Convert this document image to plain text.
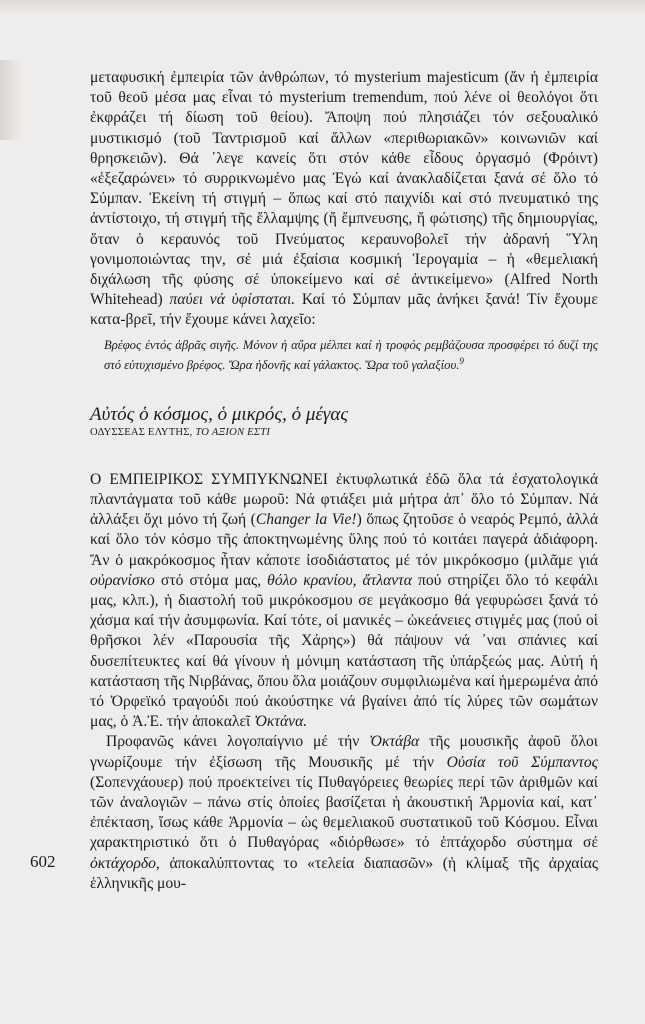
μεταφυσική ἐμπειρία τῶν ἀνθρώπων, τό mysterium majesticum (ἄν ἡ ἐμπειρία τοῦ θεοῦ μέσα μας εἶναι τό mysterium tremendum, πού λένε οἱ θεολόγοι ὅτι ἐκφράζει τή δίωση τοῦ θείου). Ἄποψη πού πλησιάζει τόν σεξουαλικό μυστικισμό (τοῦ Ταντρισμοῦ καί ἄλλων «περιθωριακῶν» κοινωνιῶν καί θρησκειῶν). Θά ᾽λεγε κανείς ὅτι στόν κάθε εἶδους ὀργασμό (Φρόιντ) «ἐξεζαρώνει» τό συρρικνωμένο μας Ἐγώ καί ἀνακλαδίζεται ξανά σέ ὅλο τό Σύμπαν. Ἐκείνη τή στιγμή – ὅπως καί στό παιχνίδι καί στό πνευματικό της ἀντίστοιχο, τή στιγμή τῆς ἔλλαμψης (ἤ ἔμπνευσης, ἤ φώτισης) τῆς δημιουργίας, ὅταν ὁ κεραυνός τοῦ Πνεύματος κεραυνοβολεῖ τήν ἀδρανή Ὕλη γονιμοποιώντας την, σέ μιά ἐξαίσια κοσμική Ἱερογαμία – ἡ «θεμελιακή διχάλωση τῆς φύσης σέ ὑποκείμενο καί σέ ἀντικείμενο» (Alfred North Whitehead) παύει νά ὑφίσταται. Καί τό Σύμπαν μᾶς ἀνήκει ξανά! Τίν ἔχουμε κατα-βρεῖ, τήν ἔχουμε κάνει λαχεῖο:

Βρέφος ἐντός ἀβρᾶς σιγῆς. Μόνον ἡ αὔρα μέλπει καί ἡ τροφός ρεμβάζουσα προσφέρει τό δυζί της στό εὐτυχισμένο βρέφος. Ὥρα ἡδονῆς καί γάλακτος. Ὥρα τοῦ γαλαξίου.$^9$

Αὐτός ὁ κόσμος, ὁ μικρός, ὁ μέγας

ΟΔΥΣΣΕΑΣ ΕΛΥΤΗΣ, ΤΟ ΑΞΙΟΝ ΕΣΤΙ

Ο ΕΜΠΕΙΡΙΚΟΣ ΣΥΜΠΥΚΝΩΝΕΙ ἐκτυφλωτικά ἐδῶ ὅλα τά ἐσχατολογικά πλαντάγματα τοῦ κάθε μωροῦ: Νά φτιάξει μιά μήτρα ἀπ᾽ ὅλο τό Σύμπαν. Νά ἀλλάξει ὄχι μόνο τή ζωή (Changer la Vie!) ὅπως ζητοῦσε ὁ νεαρός Ρεμπό, ἀλλά καί ὅλο τόν κόσμο τῆς ἀποκτηνωμένης ὕλης πού τό κοιτάει παγερά ἀδιάφορη. Ἄν ὁ μακρόκοσμος ἦταν κάποτε ἰσοδιάστατος μέ τόν μικρόκοσμο (μιλᾶμε γιά οὐρανίσκο στό στόμα μας, θόλο κρανίου, ἄτλαντα πού στηρίζει ὅλο τό κεφάλι μας, κλπ.), ἡ διαστολή τοῦ μικρόκοσμου σε μεγάκοσμο θά γεφυρώσει ξανά τό χάσμα καί τήν ἀσυμφωνία. Καί τότε, οἱ μανικές – ὠκεάνειες στιγμές μας (πού οἱ θρῆσκοι λέν «Παρουσία τῆς Χάρης») θά πάψουν νά ᾽ναι σπάνιες καί δυσεπίτευκτες καί θά γίνουν ἡ μόνιμη κατάσταση τῆς ὑπάρξεώς μας. Αὐτή ἡ κατάσταση τῆς Νιρβάνας, ὅπου ὅλα μοιάζουν συμφιλιωμένα καί ἡμερωμένα ἀπό τό Ὀρφεϊκό τραγούδι πού ἀκούστηκε νά βγαίνει ἀπό τίς λύρες τῶν σωμάτων μας, ὁ Ἀ.Ἐ. τήν ἀποκαλεῖ Ὀκτάνα.

Προφανῶς κάνει λογοπαίγνιο μέ τήν Ὀκτάβα τῆς μουσικῆς ἀφοῦ ὅλοι γνωρίζουμε τήν ἐξίσωση τῆς Μουσικῆς μέ τήν Οὐσία τοῦ Σύμπαντος (Σοπενχάουερ) πού προεκτείνει τίς Πυθαγόρειες θεωρίες περί τῶν ἀριθμῶν καί τῶν ἀναλογιῶν – πάνω στίς ὁποίες βασίζεται ἡ ἀκουστική Ἁρμονία καί, κατ᾽ ἐπέκταση, ἴσως κάθε Ἁρμονία – ὡς θεμελιακοῦ συστατικοῦ τοῦ Κόσμου. Εἶναι χαρακτηριστικό ὅτι ὁ Πυθαγόρας «διόρθωσε» τό ἑπτάχορδο σύστημα σέ ὀκτάχορδο, ἀποκαλύπτοντας το «τελεία διαπασῶν» (ἡ κλίμαξ τῆς ἀρχαίας ἑλληνικῆς μου-

602
